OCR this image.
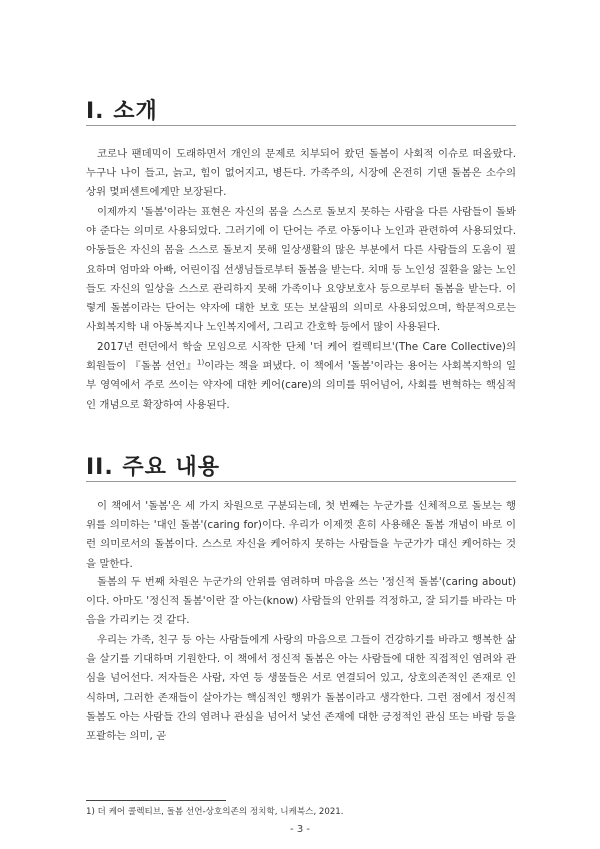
I. 소개

코로나 팬데믹이 도래하면서 개인의 문제로 치부되어 왔던 돌봄이 사회적 이슈로 떠올랐다. 누구나 나이 들고, 늙고, 힘이 없어지고, 병든다. 가족주의, 시장에 온전히 기댄 돌봄은 소수의 상위 몇퍼센트에게만 보장된다.

이제까지 '돌봄'이라는 표현은 자신의 몸을 스스로 돌보지 못하는 사람을 다른 사람들이 돌봐야 준다는 의미로 사용되었다. 그러기에 이 단어는 주로 아동이나 노인과 관련하여 사용되었다. 아동들은 자신의 몸을 스스로 돌보지 못해 일상생활의 많은 부분에서 다른 사람들의 도움이 필요하며 엄마와 아빠, 어린이집 선생님들로부터 돌봄을 받는다. 치매 등 노인성 질환을 앓는 노인들도 자신의 일상을 스스로 관리하지 못해 가족이나 요양보호사 등으로부터 돌봄을 받는다. 이렇게 돌봄이라는 단어는 약자에 대한 보호 또는 보살핌의 의미로 사용되었으며, 학문적으로는 사회복지학 내 아동복지나 노인복지에서, 그리고 간호학 등에서 많이 사용된다.

2017년 런던에서 학술 모임으로 시작한 단체 '더 케어 컬렉티브'(The Care Collective)의 회원들이 『돌봄 선언』$^{1)}$이라는 책을 펴냈다. 이 책에서 '돌봄'이라는 용어는 사회복지학의 일부 영역에서 주로 쓰이는 약자에 대한 케어(care)의 의미를 뛰어넘어, 사회를 변혁하는 핵심적인 개념으로 확장하여 사용된다.

II. 주요 내용

이 책에서 '돌봄'은 세 가지 차원으로 구분되는데, 첫 번째는 누군가를 신체적으로 돌보는 행위를 의미하는 '대인 돌봄'(caring for)이다. 우리가 이제껏 흔히 사용해온 돌봄 개념이 바로 이런 의미로서의 돌봄이다. 스스로 자신을 케어하지 못하는 사람들을 누군가가 대신 케어하는 것을 말한다.

돌봄의 두 번째 차원은 누군가의 안위를 염려하며 마음을 쓰는 '정신적 돌봄'(caring about)이다. 아마도 '정신적 돌봄'이란 잘 아는(know) 사람들의 안위를 걱정하고, 잘 되기를 바라는 마음을 가리키는 것 같다.

우리는 가족, 친구 등 아는 사람들에게 사랑의 마음으로 그들이 건강하기를 바라고 행복한 삶을 살기를 기대하며 기원한다. 이 책에서 정신적 돌봄은 아는 사람들에 대한 직접적인 염려와 관심을 넘어선다. 저자들은 사람, 자연 등 생물들은 서로 연결되어 있고, 상호의존적인 존재로 인식하며, 그러한 존재들이 살아가는 핵심적인 행위가 돌봄이라고 생각한다. 그런 점에서 정신적 돌봄도 아는 사람들 간의 염려나 관심을 넘어서 낯선 존재에 대한 긍정적인 관심 또는 바람 등을 포괄하는 의미, 곧

1) 더 케어 콜렉티브, 돌봄 선언-상호의존의 정치학, 니케북스, 2021.
- 3 -
